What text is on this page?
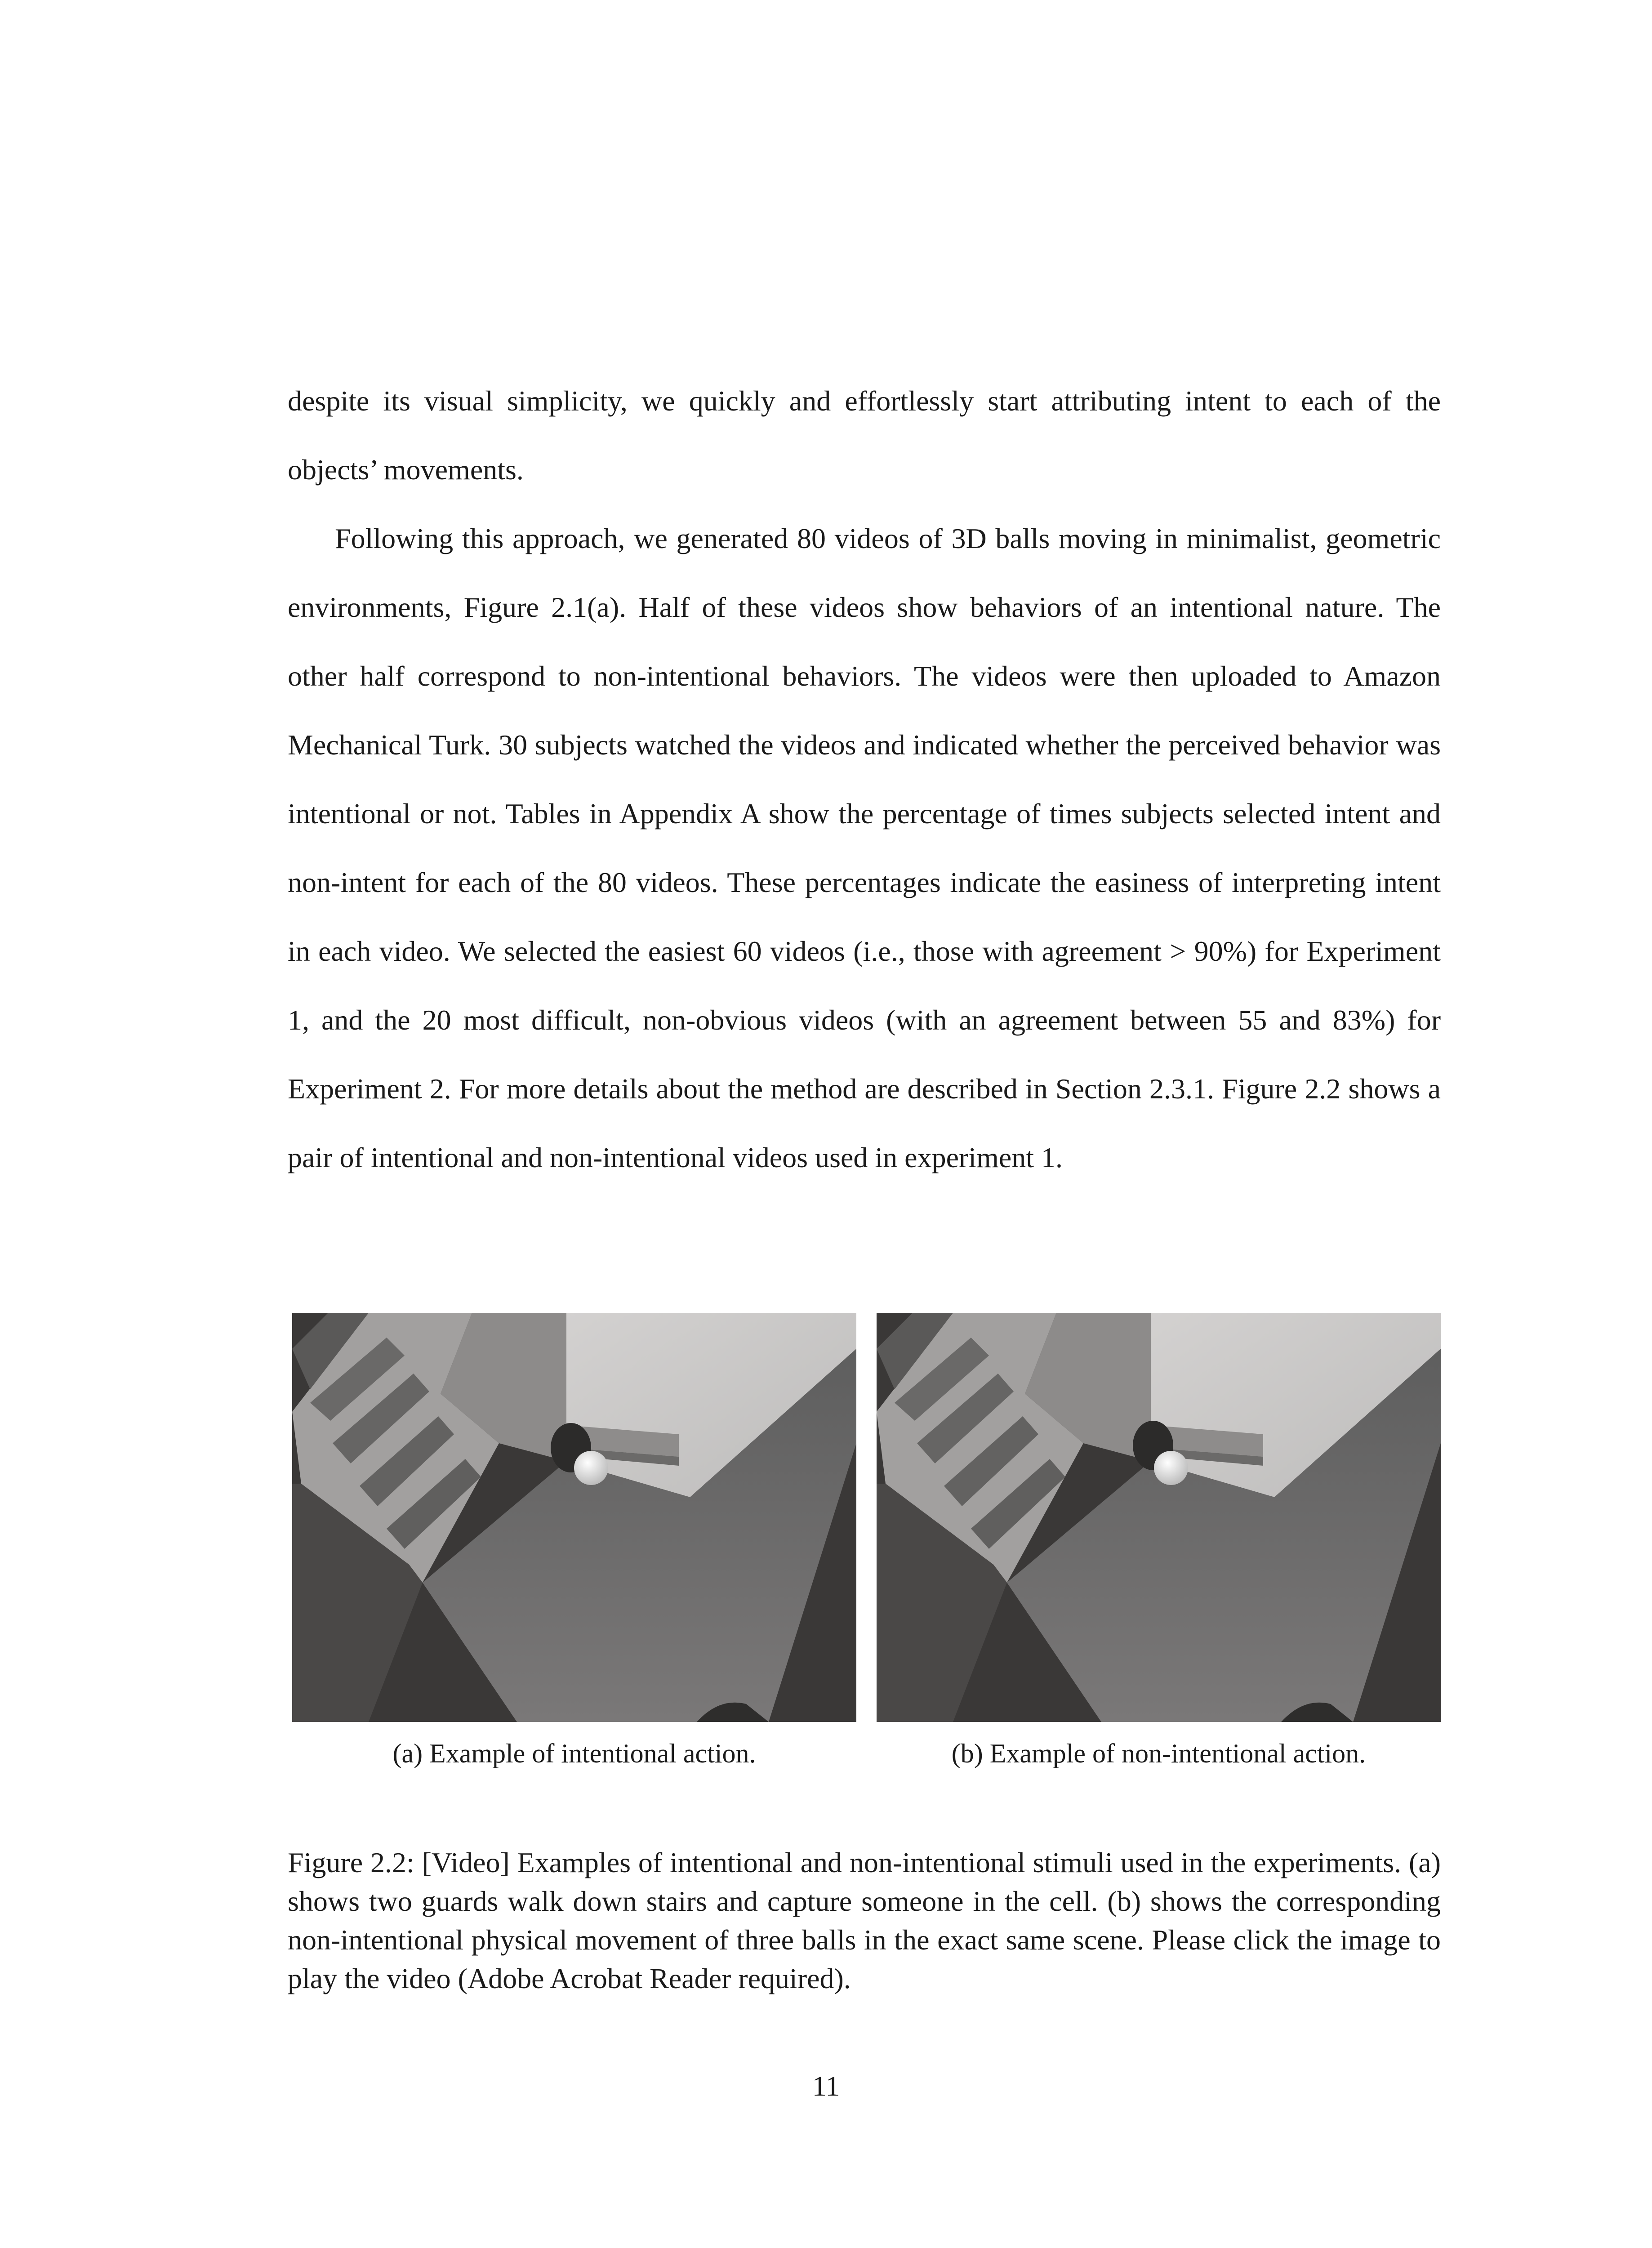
despite its visual simplicity, we quickly and effortlessly start attributing intent to each of the objects’ movements.

Following this approach, we generated 80 videos of 3D balls moving in minimalist, geometric environments, Figure 2.1(a). Half of these videos show behaviors of an intentional nature. The other half correspond to non-intentional behaviors. The videos were then uploaded to Amazon Mechanical Turk. 30 subjects watched the videos and indicated whether the perceived behavior was intentional or not. Tables in Appendix A show the percentage of times subjects selected intent and non-intent for each of the 80 videos. These percentages indicate the easiness of interpreting intent in each video. We selected the easiest 60 videos (i.e., those with agreement > 90%) for Experiment 1, and the 20 most difficult, non-obvious videos (with an agreement between 55 and 83%) for Experiment 2. For more details about the method are described in Section 2.3.1. Figure 2.2 shows a pair of intentional and non-intentional videos used in experiment 1.

(a) Example of intentional action.	(b) Example of non-intentional action.

Figure 2.2: [Video] Examples of intentional and non-intentional stimuli used in the experiments. (a) shows two guards walk down stairs and capture someone in the cell. (b) shows the corresponding non-intentional physical movement of three balls in the exact same scene. Please click the image to play the video (Adobe Acrobat Reader required).

11
